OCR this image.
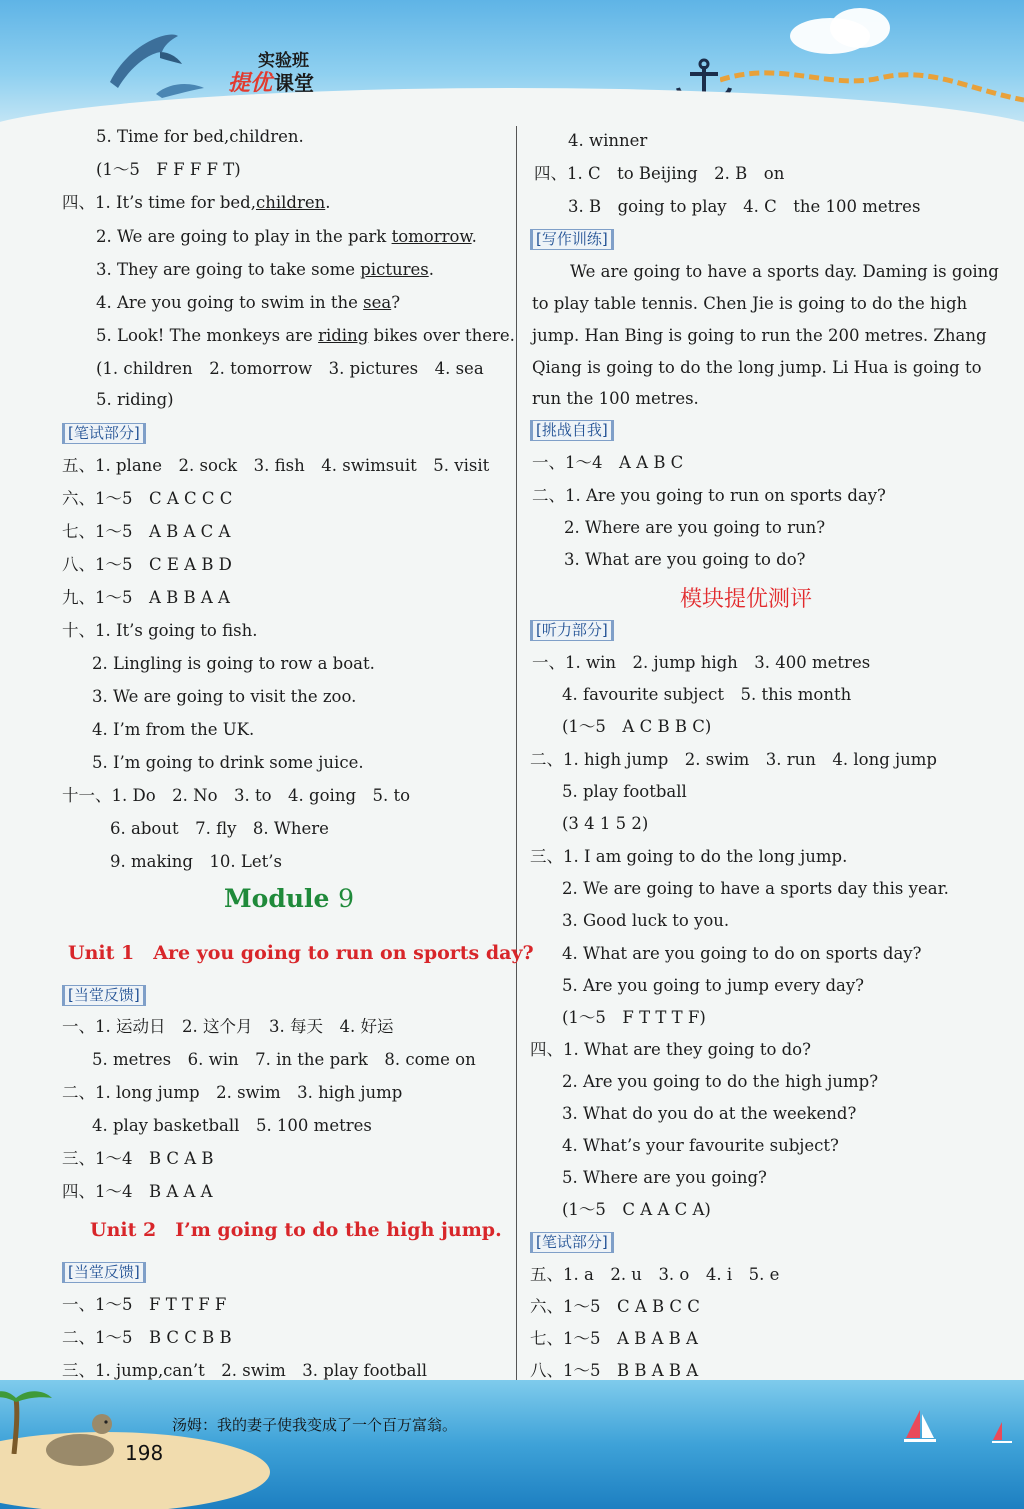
实验班
提优 课堂
5. Time for bed,children.
(1～5　F F F F T)
四、1. It’s time for bed,children.
2. We are going to play in the park tomorrow.
3. They are going to take some pictures.
4. Are you going to swim in the sea?
5. Look! The monkeys are riding bikes over there.
(1. children　2. tomorrow　3. pictures　4. sea
5. riding)
[笔试部分]
五、1. plane　2. sock　3. fish　4. swimsuit　5. visit
六、1～5　C A C C C
七、1～5　A B A C A
八、1～5　C E A B D
九、1～5　A B B A A
十、1. It’s going to fish.
2. Lingling is going to row a boat.
3. We are going to visit the zoo.
4. I’m from the UK.
5. I’m going to drink some juice.
十一、1. Do　2. No　3. to　4. going　5. to
6. about　7. fly　8. Where
9. making　10. Let’s
Module 9
Unit 1　Are you going to run on sports day?
[当堂反馈]
一、1. 运动日　2. 这个月　3. 每天　4. 好运
5. metres　6. win　7. in the park　8. come on
二、1. long jump　2. swim　3. high jump
4. play basketball　5. 100 metres
三、1～4　B C A B
四、1～4　B A A A
Unit 2　I’m going to do the high jump.
[当堂反馈]
一、1～5　F T T F F
二、1～5　B C C B B
三、1. jump,can’t　2. swim　3. play football
4. winner
四、1. C　to Beijing　2. B　on
3. B　going to play　4. C　the 100 metres
[写作训练]
We are going to have a sports day. Daming is going
to play table tennis. Chen Jie is going to do the high
jump. Han Bing is going to run the 200 metres. Zhang
Qiang is going to do the long jump. Li Hua is going to
run the 100 metres.
[挑战自我]
一、1～4　A A B C
二、1. Are you going to run on sports day?
2. Where are you going to run?
3. What are you going to do?
模块提优测评
[听力部分]
一、1. win　2. jump high　3. 400 metres
4. favourite subject　5. this month
(1～5　A C B B C)
二、1. high jump　2. swim　3. run　4. long jump
5. play football
(3 4 1 5 2)
三、1. I am going to do the long jump.
2. We are going to have a sports day this year.
3. Good luck to you.
4. What are you going to do on sports day?
5. Are you going to jump every day?
(1～5　F T T T F)
四、1. What are they going to do?
2. Are you going to do the high jump?
3. What do you do at the weekend?
4. What’s your favourite subject?
5. Where are you going?
(1～5　C A A C A)
[笔试部分]
五、1. a　2. u　3. o　4. i　5. e
六、1～5　C A B C C
七、1～5　A B A B A
八、1～5　B B A B A
汤姆：我的妻子使我变成了一个百万富翁。
198
